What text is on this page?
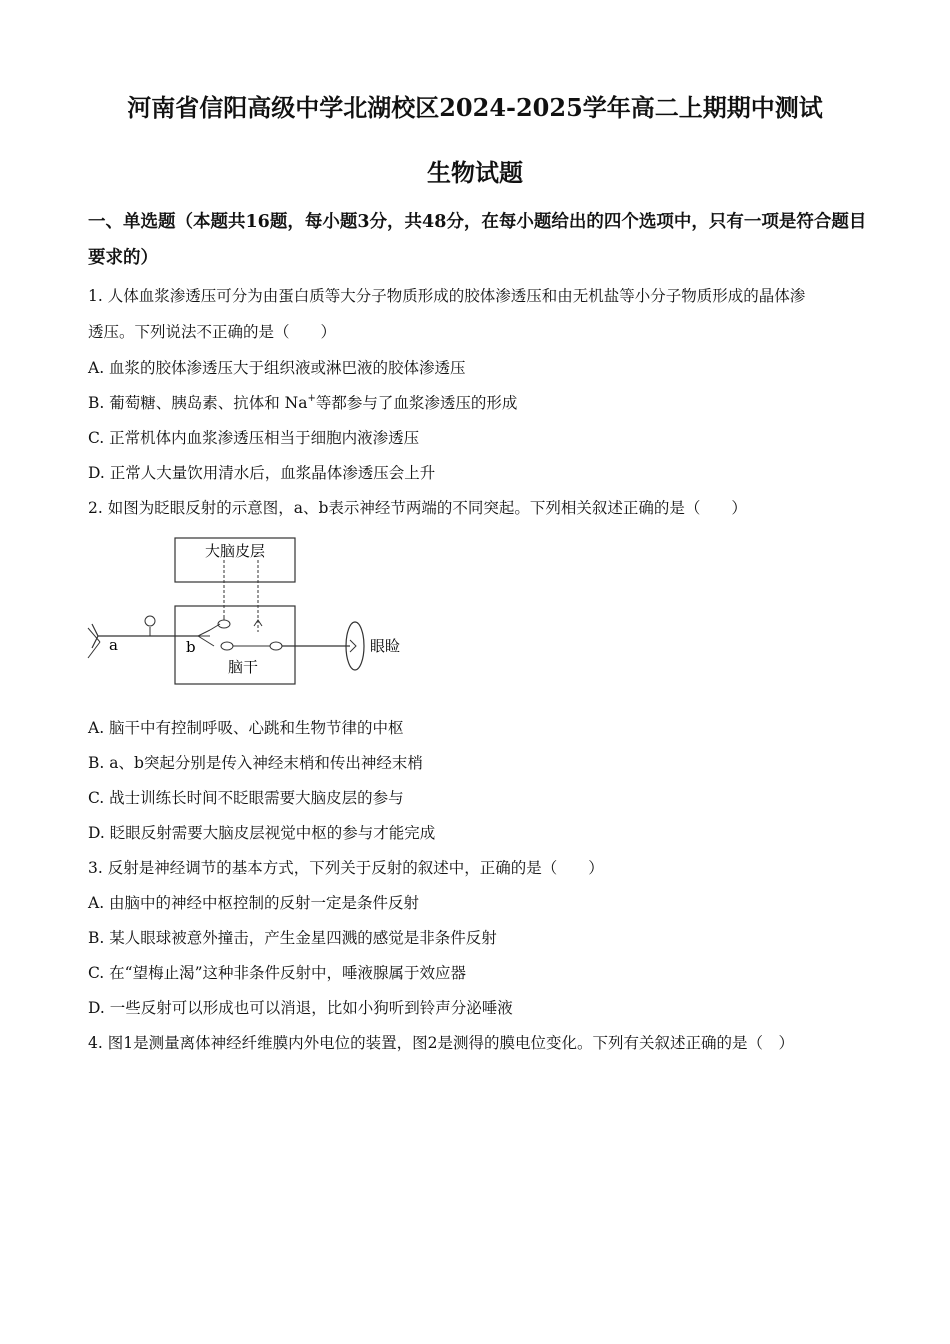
河南省信阳高级中学北湖校区2024-2025学年高二上期期中测试
生物试题
一、单选题（本题共16题，每小题3分，共48分，在每小题给出的四个选项中，只有一项是符合题目要求的）
1. 人体血浆渗透压可分为由蛋白质等大分子物质形成的胶体渗透压和由无机盐等小分子物质形成的晶体渗
透压。下列说法不正确的是（　　）
A. 血浆的胶体渗透压大于组织液或淋巴液的胶体渗透压
B. 葡萄糖、胰岛素、抗体和 Na+等都参与了血浆渗透压的形成
C. 正常机体内血浆渗透压相当于细胞内液渗透压
D. 正常人大量饮用清水后，血浆晶体渗透压会上升
2. 如图为眨眼反射的示意图，a、b表示神经节两端的不同突起。下列相关叙述正确的是（　　）
大脑皮层
脑干
a	b	眼睑
A. 脑干中有控制呼吸、心跳和生物节律的中枢
B. a、b突起分别是传入神经末梢和传出神经末梢
C. 战士训练长时间不眨眼需要大脑皮层的参与
D. 眨眼反射需要大脑皮层视觉中枢的参与才能完成
3. 反射是神经调节的基本方式，下列关于反射的叙述中，正确的是（　　）
A. 由脑中的神经中枢控制的反射一定是条件反射
B. 某人眼球被意外撞击，产生金星四溅的感觉是非条件反射
C. 在“望梅止渴”这种非条件反射中，唾液腺属于效应器
D. 一些反射可以形成也可以消退，比如小狗听到铃声分泌唾液
4. 图1是测量离体神经纤维膜内外电位的装置，图2是测得的膜电位变化。下列有关叙述正确的是（　）
